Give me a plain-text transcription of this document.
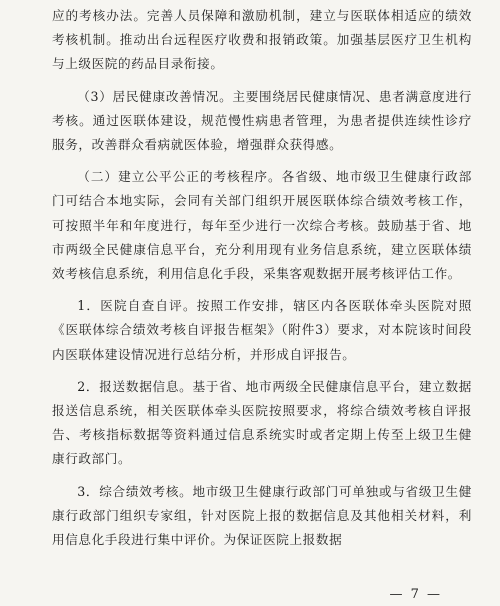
应的考核办法。完善人员保障和激励机制，建立与医联体相适应的绩效考核机制。推动出台远程医疗收费和报销政策。加强基层医疗卫生机构与上级医院的药品目录衔接。

（3）居民健康改善情况。主要围绕居民健康情况、患者满意度进行考核。通过医联体建设，规范慢性病患者管理，为患者提供连续性诊疗服务，改善群众看病就医体验，增强群众获得感。

（二）建立公平公正的考核程序。各省级、地市级卫生健康行政部门可结合本地实际，会同有关部门组织开展医联体综合绩效考核工作，可按照半年和年度进行，每年至少进行一次综合考核。鼓励基于省、地市两级全民健康信息平台，充分利用现有业务信息系统，建立医联体绩效考核信息系统，利用信息化手段，采集客观数据开展考核评估工作。

1．医院自查自评。按照工作安排，辖区内各医联体牵头医院对照《医联体综合绩效考核自评报告框架》（附件3）要求，对本院该时间段内医联体建设情况进行总结分析，并形成自评报告。

2．报送数据信息。基于省、地市两级全民健康信息平台，建立数据报送信息系统，相关医联体牵头医院按照要求，将综合绩效考核自评报告、考核指标数据等资料通过信息系统实时或者定期上传至上级卫生健康行政部门。

3．综合绩效考核。地市级卫生健康行政部门可单独或与省级卫生健康行政部门组织专家组，针对医院上报的数据信息及其他相关材料，利用信息化手段进行集中评价。为保证医院上报数据

— 7 —
